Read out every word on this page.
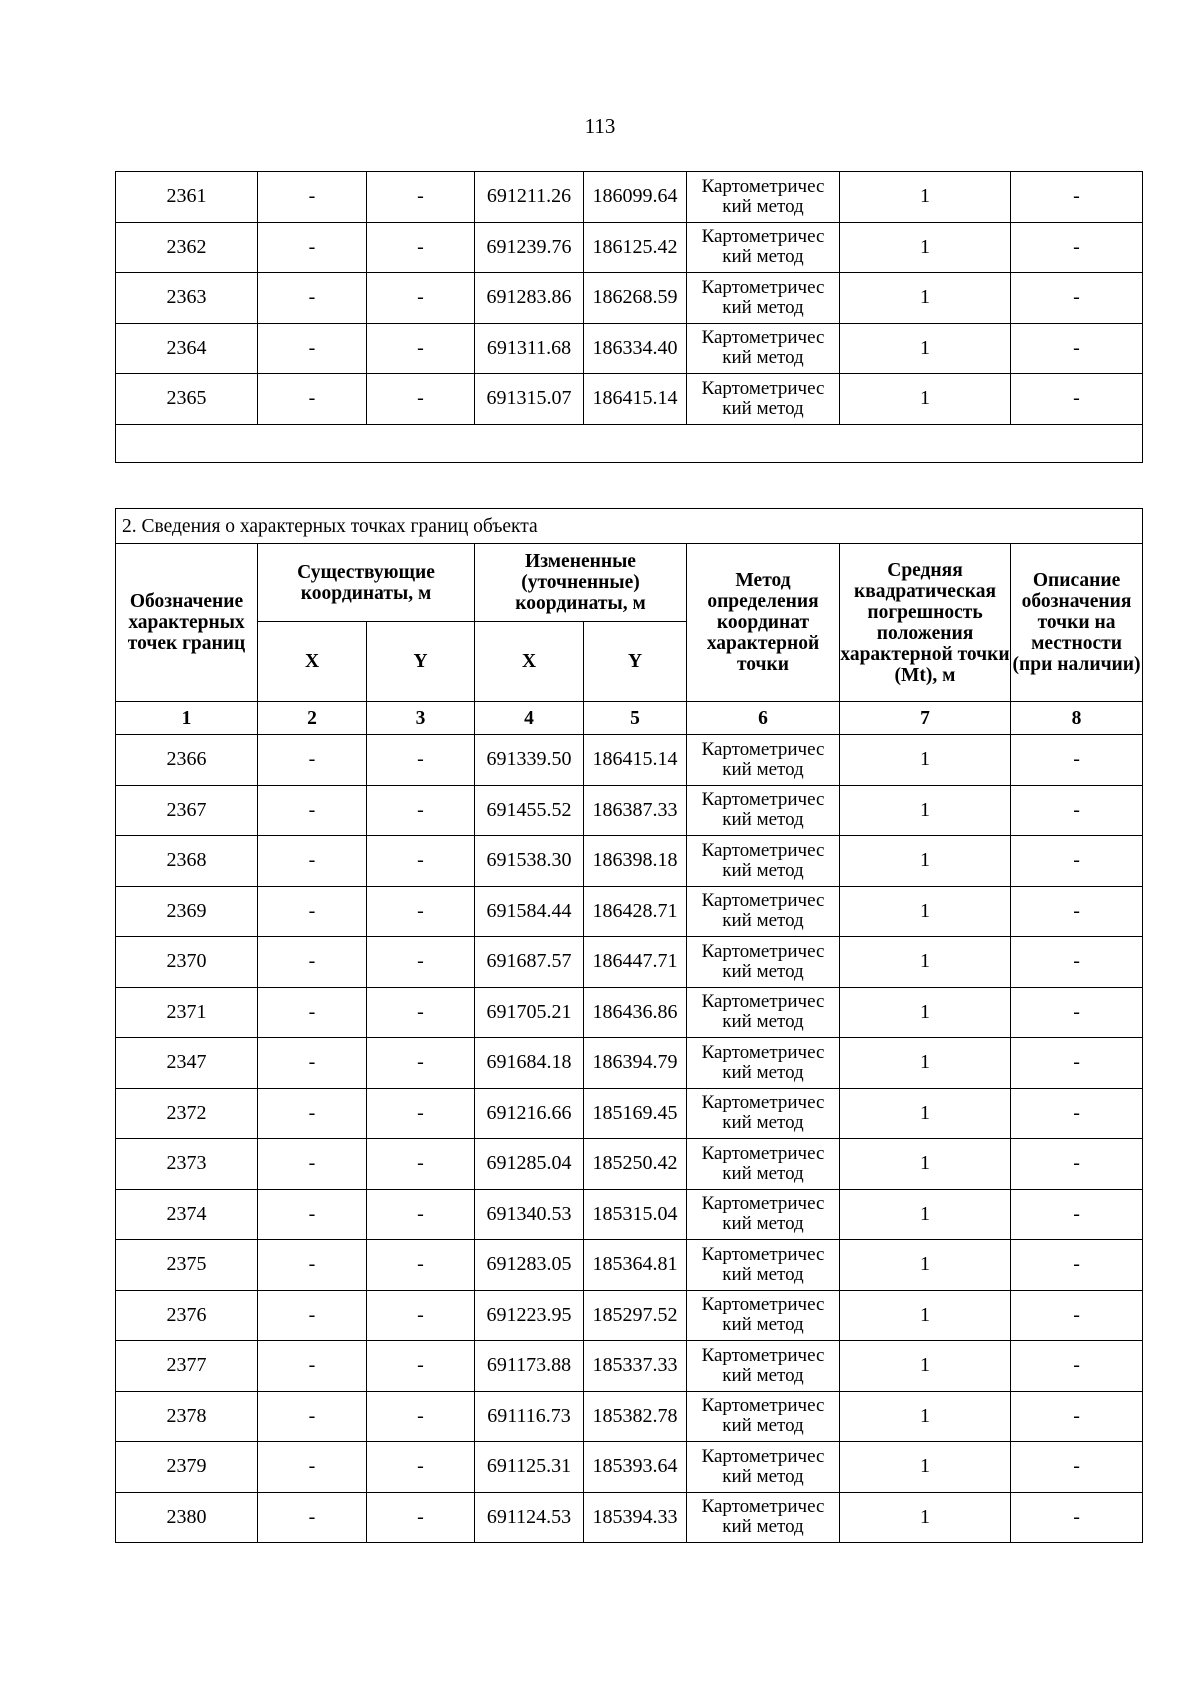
113
2361	-	-	691211.26	186099.64	Картометричес кий метод	1	-
2362	-	-	691239.76	186125.42	Картометричес кий метод	1	-
2363	-	-	691283.86	186268.59	Картометричес кий метод	1	-
2364	-	-	691311.68	186334.40	Картометричес кий метод	1	-
2365	-	-	691315.07	186415.14	Картометричес кий метод	1	-

2. Сведения о характерных точках границ объекта							
Обозначение характерных точек границ	Существующие координаты, м		Измененные (уточненные) координаты, м		Метод определения координат характерной точки	Средняя квадратическая погрешность положения характерной точки (Mt), м	Описание обозначения точки на местности (при наличии)
	X	Y	X	Y			
1	2	3	4	5	6	7	8
2366	-	-	691339.50	186415.14	Картометричес кий метод	1	-
2367	-	-	691455.52	186387.33	Картометричес кий метод	1	-
2368	-	-	691538.30	186398.18	Картометричес кий метод	1	-
2369	-	-	691584.44	186428.71	Картометричес кий метод	1	-
2370	-	-	691687.57	186447.71	Картометричес кий метод	1	-
2371	-	-	691705.21	186436.86	Картометричес кий метод	1	-
2347	-	-	691684.18	186394.79	Картометричес кий метод	1	-
2372	-	-	691216.66	185169.45	Картометричес кий метод	1	-
2373	-	-	691285.04	185250.42	Картометричес кий метод	1	-
2374	-	-	691340.53	185315.04	Картометричес кий метод	1	-
2375	-	-	691283.05	185364.81	Картометричес кий метод	1	-
2376	-	-	691223.95	185297.52	Картометричес кий метод	1	-
2377	-	-	691173.88	185337.33	Картометричес кий метод	1	-
2378	-	-	691116.73	185382.78	Картометричес кий метод	1	-
2379	-	-	691125.31	185393.64	Картометричес кий метод	1	-
2380	-	-	691124.53	185394.33	Картометричес кий метод	1	-
